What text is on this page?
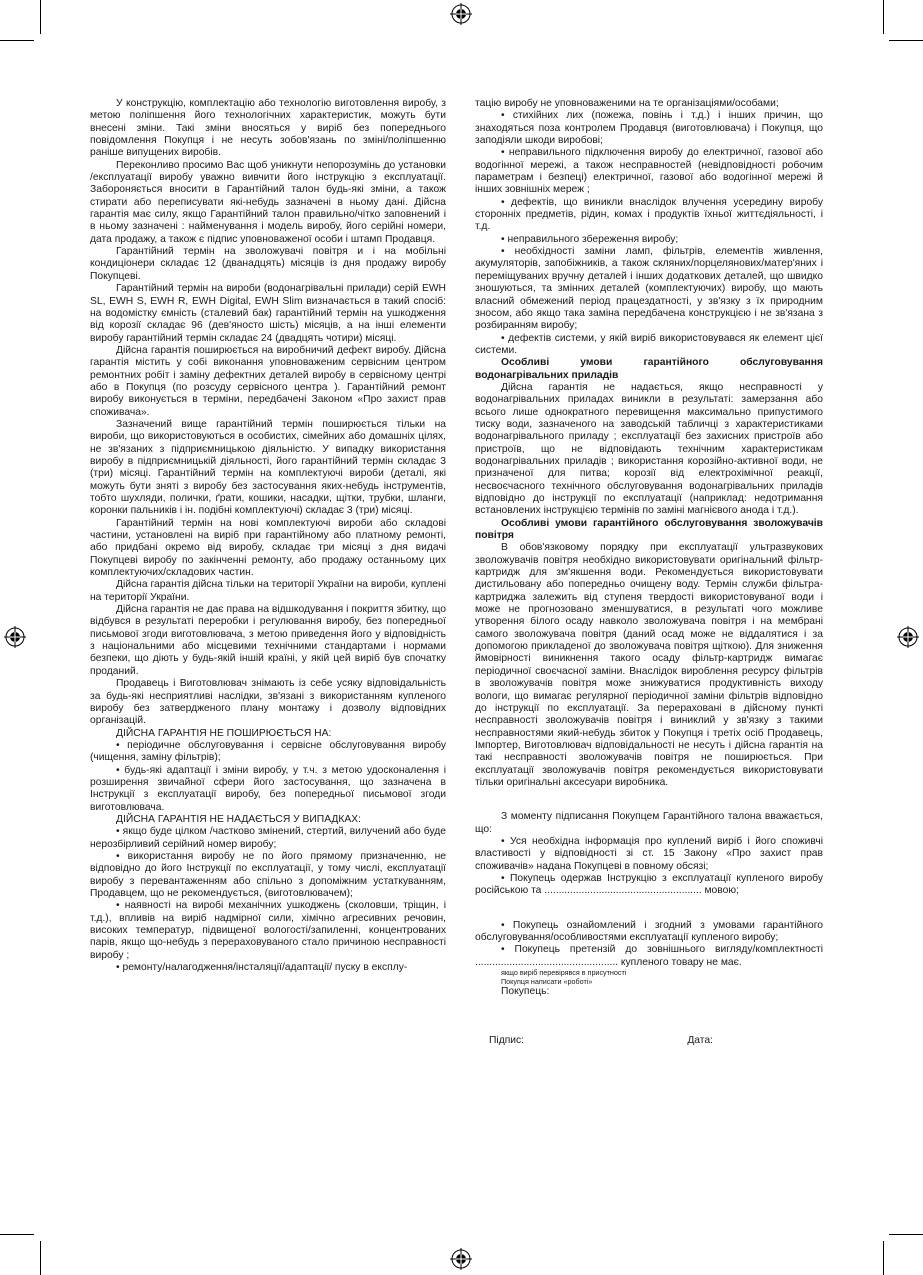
У конструкцію, комплектацію або технологію виготовлення виробу, з метою поліпшення його технологічних характеристик, можуть бути внесені зміни. Такі зміни вносяться у виріб без попереднього повідомлення Покупця і не несуть зобов'язань по зміні/поліпшенню раніше випущених виробів.

Переконливо просимо Вас щоб уникнути непорозумінь до установки /експлуатації виробу уважно вивчити його інструкцію з експлуатації. Забороняється вносити в Гарантійний талон будь-які зміни, а також стирати або переписувати які-небудь зазначені в ньому дані. Дійсна гарантія має силу, якщо Гарантійний талон правильно/чітко заповнений і в ньому зазначені : найменування і модель виробу, його серійні номери, дата продажу, а також є підпис уповноваженої особи і штамп Продавця.

Гарантійний термін на зволожувачі повітря и і на мобільні кондиціонери складає 12 (дванадцять) місяців із дня продажу виробу Покупцеві.

Гарантійний термін на вироби (водонагрівальні прилади) серій EWH SL, EWH S, EWH R, EWH Digital, EWH Slim визначається в такий спосіб: на водомістку ємність (сталевий бак) гарантійний термін на ушкодження від корозії складає 96 (дев'яносто шість) місяців, а на інші елементи виробу гарантійний термін складає 24 (двадцять чотири) місяці.

Дійсна гарантія поширюється на виробничий дефект виробу. Дійсна гарантія містить у собі виконання уповноваженим сервісним центром ремонтних робіт і заміну дефектних деталей виробу в сервісному центрі або в Покупця (по розсуду сервісного центра ). Гарантійний ремонт виробу виконується в терміни, передбачені Законом «Про захист прав споживача».

Зазначений вище гарантійний термін поширюється тільки на вироби, що використовуються в особистих, сімейних або домашніх цілях, не зв'язаних з підприємницькою діяльністю. У випадку використання виробу в підприємницькій діяльності, його гарантійний термін складає 3 (три) місяці. Гарантійний термін на комплектуючі вироби (деталі, які можуть бути зняті з виробу без застосування яких-небудь інструментів, тобто шухляди, полички, ґрати, кошики, насадки, щітки, трубки, шланги, коронки пальників і ін. подібні комплектуючі) складає 3 (три) місяці.

Гарантійний термін на нові комплектуючі вироби або складові частини, установлені на виріб при гарантійному або платному ремонті, або придбані окремо від виробу, складає три місяці з дня видачі Покупцеві виробу по закінченні ремонту, або продажу останньому цих комплектуючих/складових частин.

Дійсна гарантія дійсна тільки на території України на вироби, куплені на території України.

Дійсна гарантія не дає права на відшкодування і покриття збитку, що відбувся в результаті переробки і регулювання виробу, без попередньої письмової згоди виготовлювача, з метою приведення його у відповідність з національними або місцевими технічними стандартами і нормами безпеки, що діють у будь-якій іншій країні, у якій цей виріб був спочатку проданий.

Продавець і Виготовлювач знімають із себе усяку відповідальність за будь-які несприятливі наслідки, зв'язані з використанням купленого виробу без затвердженого плану монтажу і дозволу відповідних організацій.

ДІЙСНА ГАРАНТІЯ НЕ ПОШИРЮЄТЬСЯ НА:

• періодичне обслуговування і сервісне обслуговування виробу (чищення, заміну фільтрів);

• будь-які адаптації і зміни виробу, у т.ч. з метою удосконалення і розширення звичайної сфери його застосування, що зазначена в Інструкції з експлуатації виробу, без попередньої письмової згоди виготовлювача.

ДІЙСНА ГАРАНТІЯ НЕ НАДАЄТЬСЯ У ВИПАДКАХ:

• якщо буде цілком /частково змінений, стертий, вилучений або буде нерозбірливий серійний номер виробу;

• використання виробу не по його прямому призначенню, не відповідно до його Інструкції по експлуатації, у тому числі, експлуатації виробу з перевантаженням або спільно з допоміжним устаткуванням, Продавцем, що не рекомендується, (виготовлювачем);

• наявності на виробі механічних ушкоджень (сколовши, тріщин, і т.д.), впливів на виріб надмірної сили, хімічно агресивних речовин, високих температур, підвищеної вологості/запиленні, концентрованих парів, якщо що-небудь з перераховуваного стало причиною несправності виробу ;

• ремонту/налагодження/інсталяції/адаптації/ пуску в експлу-

тацію виробу не уповноваженими на те організаціями/особами;

• стихійних лих (пожежа, повінь і т.д.) і інших причин, що знаходяться поза контролем Продавця (виготовлювача) і Покупця, що заподіяли шкоди виробові;

• неправильного підключення виробу до електричної, газової або водогінної мережі, а також несправностей (невідповідності робочим параметрам і безпеці) електричної, газової або водогінної мережі й інших зовнішніх мереж ;

• дефектів, що виникли внаслідок влучення усередину виробу сторонніх предметів, рідин, комах і продуктів їхньої життєдіяльності, і т.д.

• неправильного збереження виробу;

• необхідності заміни ламп, фільтрів, елементів живлення, акумуляторів, запобіжників, а також скляних/порцелянових/матер'яних і переміщуваних вручну деталей і інших додаткових деталей, що швидко зношуються, та змінних деталей (комплектуючих) виробу, що мають власний обмежений період працездатності, у зв'язку з їх природним зносом, або якщо така заміна передбачена конструкцією і не зв'язана з розбиранням виробу;

• дефектів системи, у якій виріб використовувався як елемент цієї системи.

Особливі умови гарантійного обслуговування водонагрівальних приладів

Дійсна гарантія не надається, якщо несправності у водонагрівальних приладах виникли в результаті: замерзання або всього лише однократного перевищення максимально припустимого тиску води, зазначеного на заводській табличці з характеристиками водонагрівального приладу ; експлуатації без захисних пристроїв або пристроїв, що не відповідають технічним характеристикам водонагрівальних приладів ; використання корозійно-активної води, не призначеної для питва; корозії від електрохімічної реакції, несвоєчасного технічного обслуговування водонагрівальних приладів відповідно до інструкції по експлуатації (наприклад: недотримання встановлених інструкцією термінів по заміні магнієвого анода і т.д.).

Особливі умови гарантійного обслуговування зволожувачів повітря

В обов'язковому порядку при експлуатації ультразвукових зволожувачів повітря необхідно використовувати оригінальний фільтр-картридж для зм'якшення води. Рекомендується використовувати дистильовану або попередньо очищену воду. Термін служби фільтра-картриджа залежить від ступеня твердості використовуваної води і може не прогнозовано зменшуватися, в результаті чого можливе утворення білого осаду навколо зволожувача повітря і на мембрані самого зволожувача повітря (даний осад може не віддалятися і за допомогою прикладеної до зволожувача повітря щіткою). Для зниження ймовірності виникнення такого осаду фільтр-картридж вимагає періодичної своєчасної заміни. Внаслідок вироблення ресурсу фільтрів в зволожувачів повітря може знижуватися продуктивність виходу вологи, що вимагає регулярної періодичної заміни фільтрів відповідно до інструкції по експлуатації. За перераховані в дійсному пункті несправності зволожувачів повітря і виниклий у зв'язку з такими несправностями який-небудь збиток у Покупця і третіх осіб Продавець, Імпортер, Виготовлювач відповідальності не несуть і дійсна гарантія на такі несправності зволожувачів повітря не поширюється. При експлуатації зволожувачів повітря рекомендується використовувати тільки оригінальні аксесуари виробника.

З моменту підписання Покупцем Гарантійного талона вважається, що:

• Уся необхідна інформація про куплений виріб і його споживчі властивості у відповідності зі ст. 15 Закону «Про захист прав споживачів» надана Покупцеві в повному обсязі;

• Покупець одержав Інструкцію з експлуатації купленого виробу російською та ....................................................... мовою;

• Покупець ознайомлений і згодний з умовами гарантійного обслуговування/особливостями експлуатації купленого виробу;

• Покупець претензій до зовнішнього вигляду/комплектності .................................................. купленого товару не має.

якщо виріб перевірявся в присутності

Покупця написати «роботі»

Покупець:

Підпис:	Дата:
